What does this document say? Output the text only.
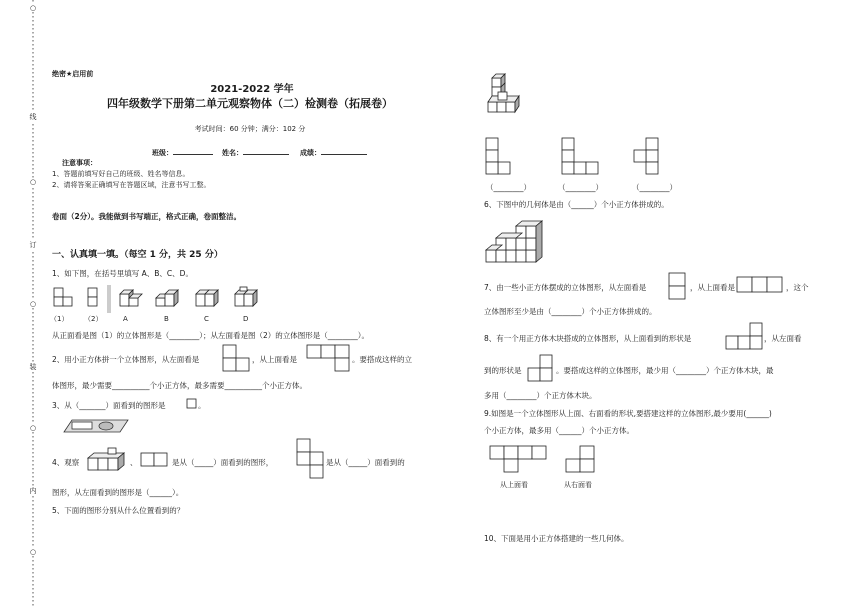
○
线
○
订
○
装
○
内
○
绝密★启用前
2021-2022 学年
四年级数学下册第二单元观察物体（二）检测卷（拓展卷）
考试时间：60 分钟；满分：102 分
班级：	姓名：	成绩：
注意事项：
1、答题前填写好自己的班级、姓名等信息。
2、请将答案正确填写在答题区域，注意书写工整。
卷面（2分）。我能做到书写端正，格式正确，卷面整洁。
一、认真填一填。（每空 1 分，共 25 分）
1、如下图，在括号里填写 A、B、C、D。
（1） （2）	A	B	C	D
从正面看是图（1）的立体图形是（________）；从左面看是图（2）的立体图形是（________）。
2、用小正方体拼一个立体图形，从左面看是	，从上面看是	。要搭成这样的立
体图形，最少需要__________个小正方体，最多需要__________个小正方体。
3、从（_______）面看到的图形是	。
4、观察	、	是从（_____）面看到的图形，	是从（_____）面看到的
图形，从左面看到的图形是（______）。
5、下面的图形分别从什么位置看到的？
（________）	（________）	（________）
6、下图中的几何体是由（______）个小正方体拼成的。
7、由一些小正方体摆成的立体图形，从左面看是	，从上面看是	，这个
立体图形至少是由（________）个小正方体拼成的。
8、有一个用正方体木块搭成的立体图形，从上面看到的形状是	，从左面看
到的形状是	。要搭成这样的立体图形，最少用（________）个正方体木块，最
多用（________）个正方体木块。
9.如图是一个立体图形从上面、右面看的形状,要搭建这样的立体图形,最少要用(______)
个小正方体，最多用（______）个小正方体。
从上面看	从右面看
10、下面是用小正方体搭建的一些几何体。
